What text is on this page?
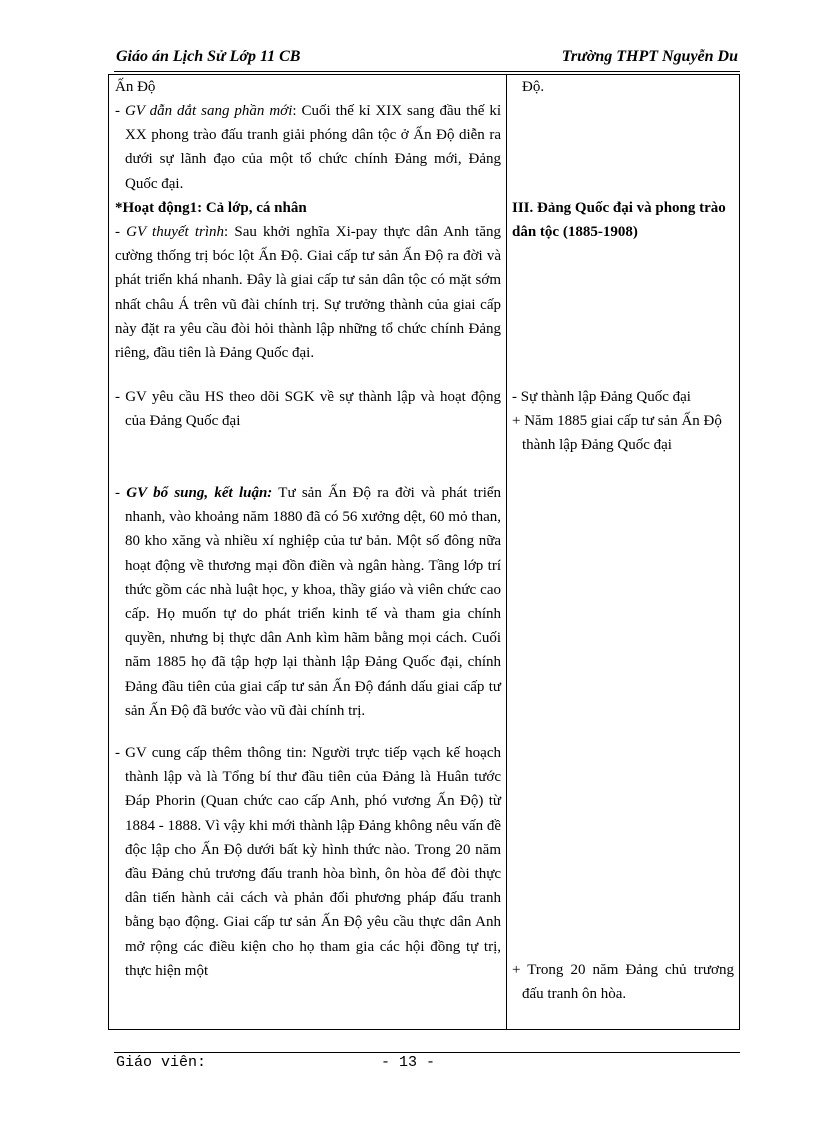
Giáo án Lịch Sử Lớp 11 CB	Trường THPT Nguyễn Du
Ấn Độ
- GV dẫn dắt sang phần mới: Cuối thế kỉ XIX sang đầu thế kỉ XX phong trào đấu tranh giải phóng dân tộc ở Ấn Độ diễn ra dưới sự lãnh đạo của một tổ chức chính Đảng mới, Đảng Quốc đại.
*Hoạt động1: Cả lớp, cá nhân
- GV thuyết trình: Sau khởi nghĩa Xi-pay thực dân Anh tăng cường thống trị bóc lột Ấn Độ. Giai cấp tư sản Ấn Độ ra đời và phát triển khá nhanh. Đây là giai cấp tư sản dân tộc có mặt sớm nhất châu Á trên vũ đài chính trị. Sự trưởng thành của giai cấp này đặt ra yêu cầu đòi hỏi thành lập những tổ chức chính Đảng riêng, đầu tiên là Đảng Quốc đại.
- GV yêu cầu HS theo dõi SGK về sự thành lập và hoạt động của Đảng Quốc đại
- GV bổ sung, kết luận: Tư sản Ấn Độ ra đời và phát triển nhanh, vào khoảng năm 1880 đã có 56 xưởng dệt, 60 mỏ than, 80 kho xăng và nhiều xí nghiệp của tư bản. Một số đông nữa hoạt động về thương mại đồn điền và ngân hàng. Tầng lớp trí thức gồm các nhà luật học, y khoa, thầy giáo và viên chức cao cấp. Họ muốn tự do phát triển kinh tế và tham gia chính quyền, nhưng bị thực dân Anh kìm hãm bằng mọi cách. Cuối năm 1885 họ đã tập hợp lại thành lập Đảng Quốc đại, chính Đảng đầu tiên của giai cấp tư sản Ấn Độ đánh dấu giai cấp tư sản Ấn Độ đã bước vào vũ đài chính trị.
- GV cung cấp thêm thông tin: Người trực tiếp vạch kế hoạch thành lập và là Tổng bí thư đầu tiên của Đảng là Huân tước Đáp Phorin (Quan chức cao cấp Anh, phó vương Ấn Độ) từ 1884 - 1888. Vì vậy khi mới thành lập Đảng không nêu vấn đề độc lập cho Ấn Độ dưới bất kỳ hình thức nào. Trong 20 năm đầu Đảng chủ trương đấu tranh hòa bình, ôn hòa để đòi thực dân tiến hành cải cách và phản đối phương pháp đấu tranh bằng bạo động. Giai cấp tư sản Ấn Độ yêu cầu thực dân Anh mở rộng các điều kiện cho họ tham gia các hội đồng tự trị, thực hiện một
Độ.
III. Đảng Quốc đại và phong trào dân tộc (1885-1908)
- Sự thành lập Đảng Quốc đại
+ Năm 1885 giai cấp tư sản Ấn Độ thành lập Đảng Quốc đại
+ Trong 20 năm Đảng chủ trương đấu tranh ôn hòa.
Giáo viên:	- 13 -
